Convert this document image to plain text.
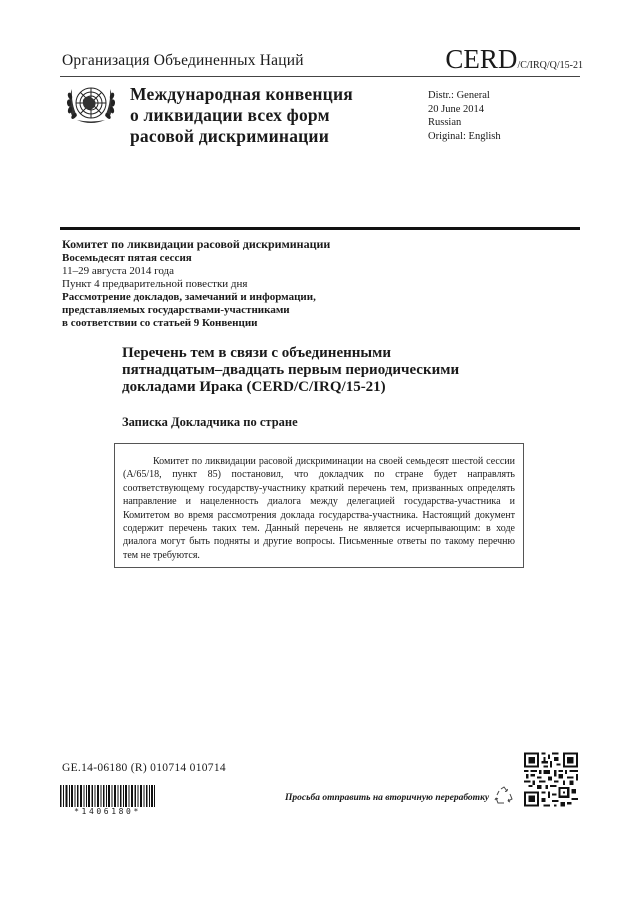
Организация Объединенных Наций	CERD/C/IRQ/Q/15-21
Международная конвенция
о ликвидации всех форм
расовой дискриминации
Distr.: General
20 June 2014
Russian
Original: English
Комитет по ликвидации расовой дискриминации
Восемьдесят пятая сессия
11–29 августа 2014 года
Пункт 4 предварительной повестки дня
Рассмотрение докладов, замечаний и информации,
представляемых государствами-участниками
в соответствии со статьей 9 Конвенции
Перечень тем в связи с объединенными
пятнадцатым–двадцать первым периодическими
докладами Ирака (CERD/C/IRQ/15-21)
Записка Докладчика по стране

Комитет по ликвидации расовой дискриминации на своей семьдесят шестой сессии (A/65/18, пункт 85) постановил, что докладчик по стране будет направлять соответствующему государству-участнику краткий перечень тем, призванных определять направление и нацеленность диалога между делегацией государства-участника и Комитетом во время рассмотрения доклада государства-участника. Настоящий документ содержит перечень таких тем. Данный перечень не является исчерпывающим: в ходе диалога могут быть подняты и другие вопросы. Письменные ответы по такому перечню тем не требуются.

GE.14-06180 (R) 010714 010714
*1406180*
Просьба отправить на вторичную переработку
